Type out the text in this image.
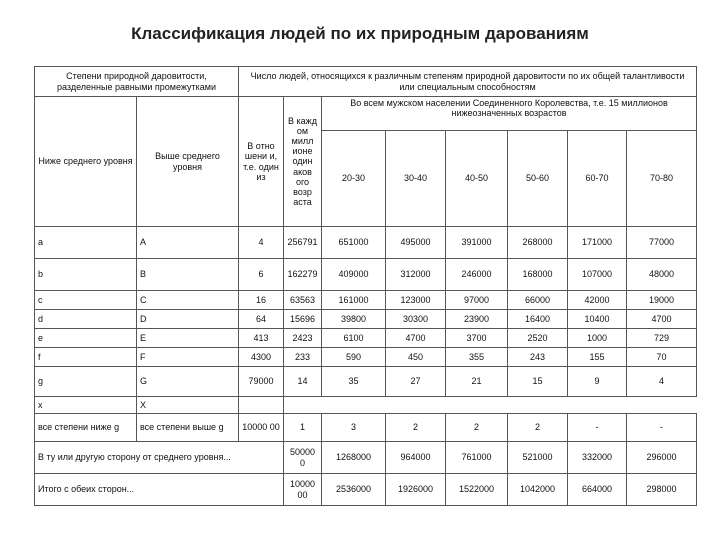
Классификация людей по их природным дарованиям
Степени природной даровитости, разделенные равными промежутками		Число людей, относящихся к различным степеням природной даровитости по их общей талантливости или специальным способностям							
Ниже среднего уровня	Выше среднего уровня	В отно шени и, т.е. один из	В кажд ом милл ионе один аков ого возр аста	Во всем мужском населении Соединенного Королевства, т.е. 15 миллионов нижеозначенных возрастов					
				20-30	30-40	40-50	50-60	60-70	70-80
a	A	4	256791	651000	495000	391000	268000	171000	77000
b	B	6	162279	409000	312000	246000	168000	107000	48000
c	C	16	63563	161000	123000	97000	66000	42000	19000
d	D	64	15696	39800	30300	23900	16400	10400	4700
e	E	413	2423	6100	4700	3700	2520	1000	729
f	F	4300	233	590	450	355	243	155	70
g	G	79000	14	35	27	21	15	9	4
x	X								
все степени ниже g	все степени выше g	10000 00	1	3	2	2	2	-	-
В ту или другую сторону от среднего уровня...			50000 0	1268000	964000	761000	521000	332000	296000
Итого с обеих сторон...			10000 00	2536000	1926000	1522000	1042000	664000	298000
